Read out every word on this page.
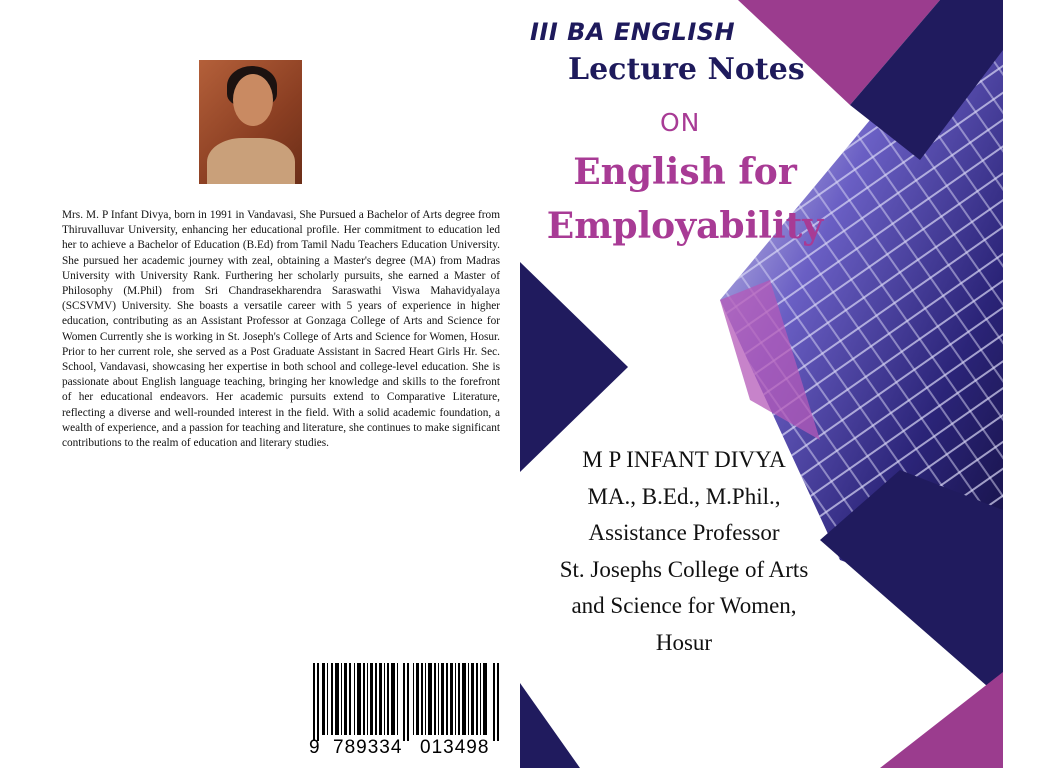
Mrs. M. P Infant Divya, born in 1991 in Vandavasi, She Pursued a Bachelor of Arts degree from Thiruvalluvar University, enhancing her educational profile. Her commitment to education led her to achieve a Bachelor of Education (B.Ed) from Tamil Nadu Teachers Education University. She pursued her academic journey with zeal, obtaining a Master's degree (MA) from Madras University with University Rank. Furthering her scholarly pursuits, she earned a Master of Philosophy (M.Phil) from Sri Chandrasekharendra Saraswathi Viswa Mahavidyalaya (SCSVMV) University. She boasts a versatile career with 5 years of experience in higher education, contributing as an Assistant Professor at Gonzaga College of Arts and Science for Women Currently she is working in St. Joseph's College of Arts and Science for Women, Hosur. Prior to her current role, she served as a Post Graduate Assistant in Sacred Heart Girls Hr. Sec. School, Vandavasi, showcasing her expertise in both school and college-level education. She is passionate about English language teaching, bringing her knowledge and skills to the forefront of her educational endeavors. Her academic pursuits extend to Comparative Literature, reflecting a diverse and well-rounded interest in the field. With a solid academic foundation, a wealth of experience, and a passion for teaching and literature, she continues to make significant contributions to the realm of education and literary studies.

9 789334 013498
III BA ENGLISH
Lecture Notes
ON
English for
Employability
M P INFANT DIVYA
MA., B.Ed., M.Phil.,
Assistance Professor
St. Josephs College of Arts
and Science for Women,
Hosur
